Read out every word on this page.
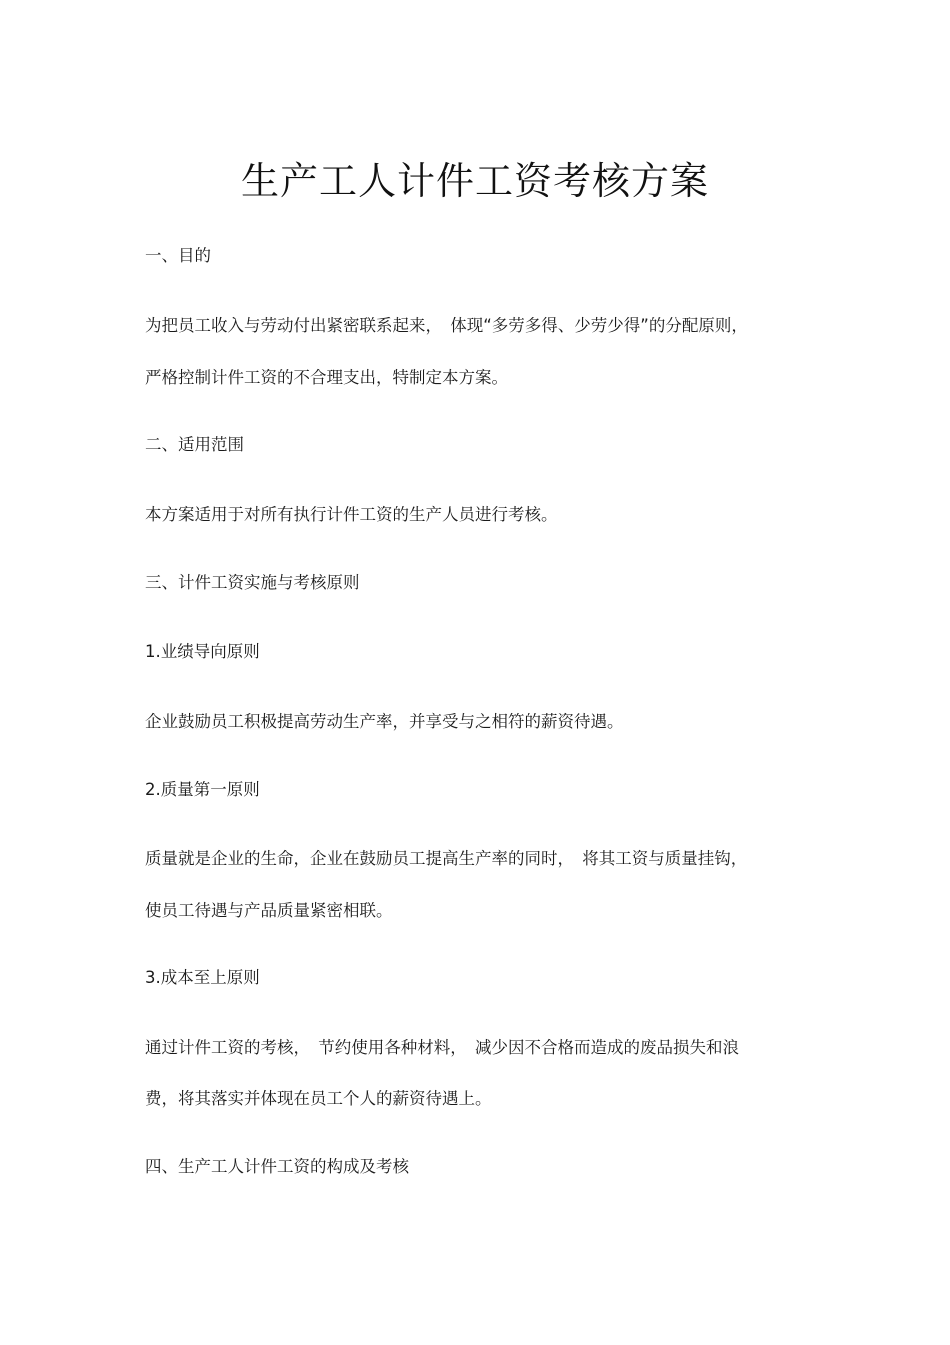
生产工人计件工资考核方案
一、目的
为把员工收入与劳动付出紧密联系起来，　体现“多劳多得、少劳少得”的分配原则，
严格控制计件工资的不合理支出，特制定本方案。
二、适用范围
本方案适用于对所有执行计件工资的生产人员进行考核。
三、计件工资实施与考核原则
1.业绩导向原则
企业鼓励员工积极提高劳动生产率，并享受与之相符的薪资待遇。
2.质量第一原则
质量就是企业的生命，企业在鼓励员工提高生产率的同时，　将其工资与质量挂钩，
使员工待遇与产品质量紧密相联。
3.成本至上原则
通过计件工资的考核，　节约使用各种材料，　减少因不合格而造成的废品损失和浪
费，将其落实并体现在员工个人的薪资待遇上。
四、生产工人计件工资的构成及考核
